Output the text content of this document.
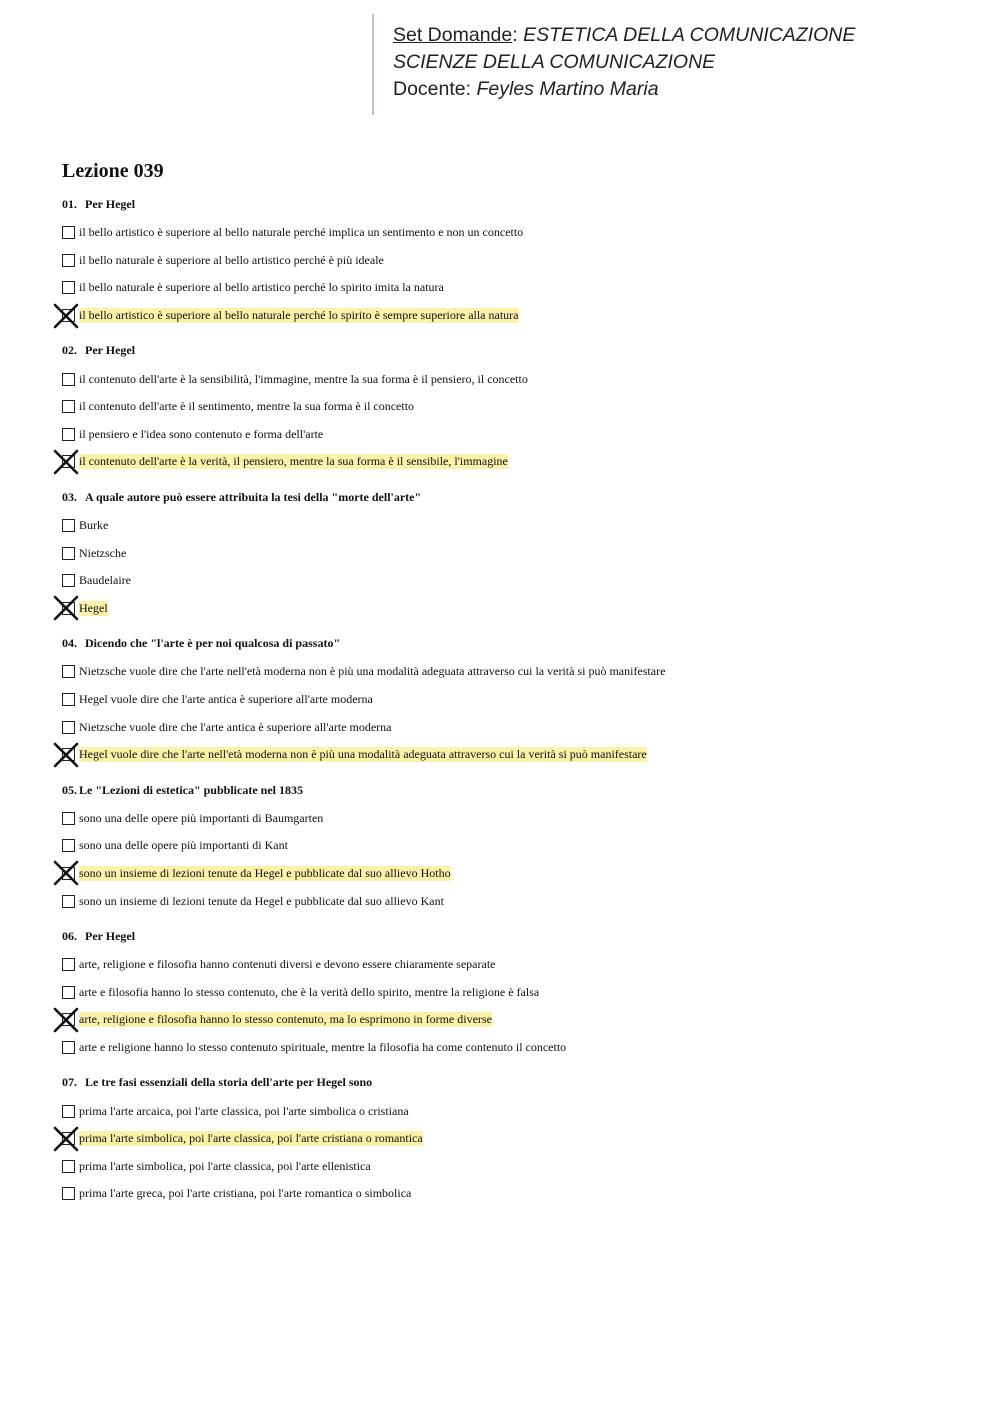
Set Domande: ESTETICA DELLA COMUNICAZIONE
SCIENZE DELLA COMUNICAZIONE
Docente: Feyles Martino Maria
Lezione 039
01. Per Hegel
il bello artistico è superiore al bello naturale perché implica un sentimento e non un concetto
il bello naturale è superiore al bello artistico perché è più ideale
il bello naturale è superiore al bello artistico perché lo spirito imita la natura
il bello artistico è superiore al bello naturale perché lo spirito è sempre superiore alla natura
02. Per Hegel
il contenuto dell'arte è la sensibilità, l'immagine, mentre la sua forma è il pensiero, il concetto
il contenuto dell'arte è il sentimento, mentre la sua forma è il concetto
il pensiero e l'idea sono contenuto e forma dell'arte
il contenuto dell'arte è la verità, il pensiero, mentre la sua forma è il sensibile, l'immagine
03. A quale autore può essere attribuita la tesi della "morte dell'arte"
Burke
Nietzsche
Baudelaire
Hegel
04. Dicendo che "l'arte è per noi qualcosa di passato"
Nietzsche vuole dire che l'arte nell'età moderna non è più una modalità adeguata attraverso cui la verità si può manifestare
Hegel vuole dire che l'arte antica è superiore all'arte moderna
Nietzsche vuole dire che l'arte antica è superiore all'arte moderna
Hegel vuole dire che l'arte nell'età moderna non è più una modalità adeguata attraverso cui la verità si può manifestare
05. Le "Lezioni di estetica" pubblicate nel 1835
sono una delle opere più importanti di Baumgarten
sono una delle opere più importanti di Kant
sono un insieme di lezioni tenute da Hegel e pubblicate dal suo allievo Hotho
sono un insieme di lezioni tenute da Hegel e pubblicate dal suo allievo Kant
06. Per Hegel
arte, religione e filosofia hanno contenuti diversi e devono essere chiaramente separate
arte e filosofia hanno lo stesso contenuto, che è la verità dello spirito, mentre la religione è falsa
arte, religione e filosofia hanno lo stesso contenuto, ma lo esprimono in forme diverse
arte e religione hanno lo stesso contenuto spirituale, mentre la filosofia ha come contenuto il concetto
07. Le tre fasi essenziali della storia dell'arte per Hegel sono
prima l'arte arcaica, poi l'arte classica, poi l'arte simbolica o cristiana
prima l'arte simbolica, poi l'arte classica, poi l'arte cristiana o romantica
prima l'arte simbolica, poi l'arte classica, poi l'arte ellenistica
prima l'arte greca, poi l'arte cristiana, poi l'arte romantica o simbolica
